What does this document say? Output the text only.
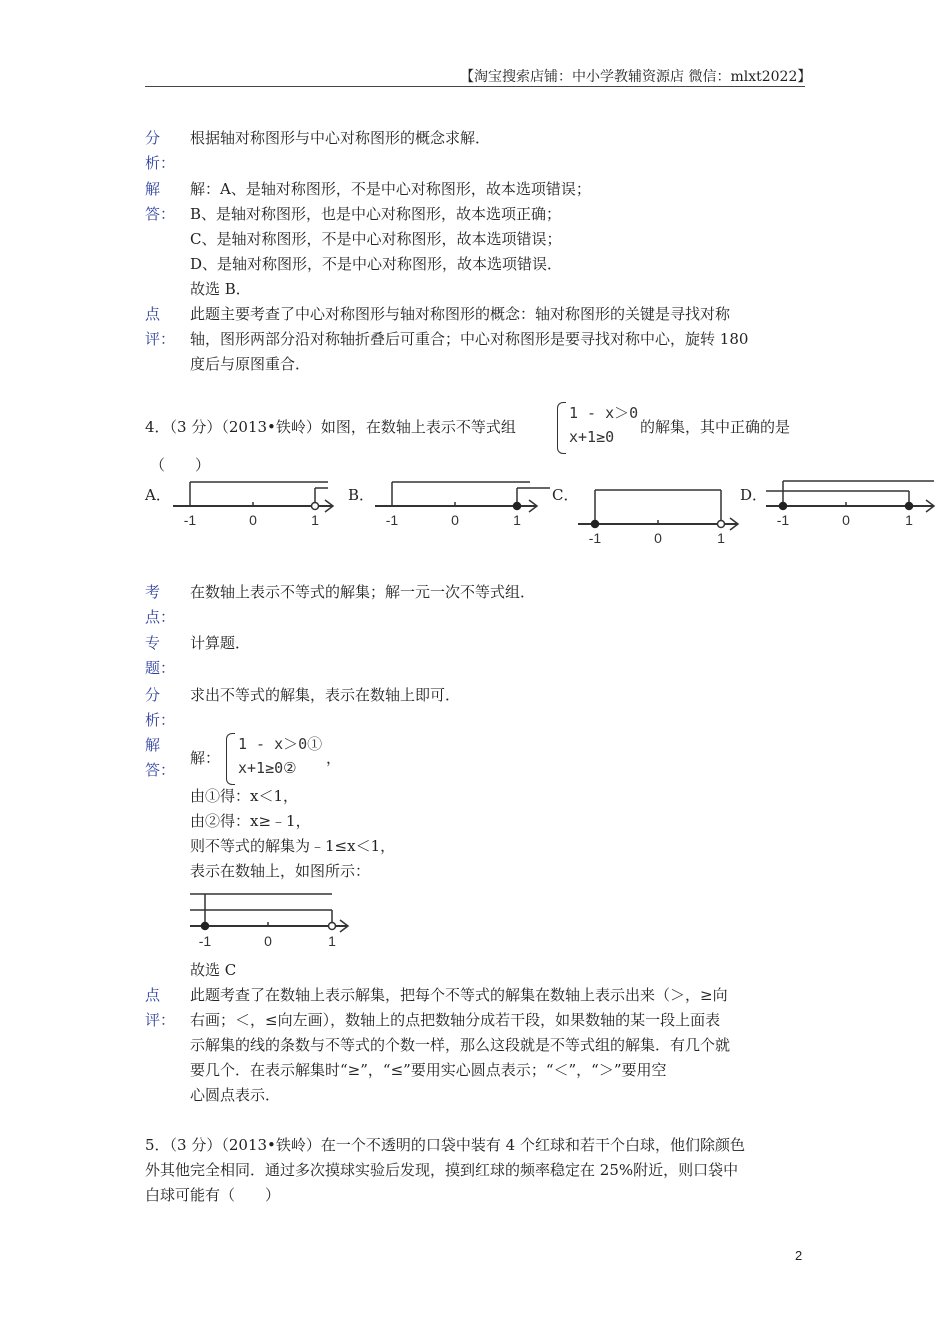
【淘宝搜索店铺：中小学教辅资源店 微信：mlxt2022】
分
析：
根据轴对称图形与中心对称图形的概念求解．
解
答：
解：A、是轴对称图形，不是中心对称图形，故本选项错误；
B、是轴对称图形，也是中心对称图形，故本选项正确；
C、是轴对称图形，不是中心对称图形，故本选项错误；
D、是轴对称图形，不是中心对称图形，故本选项错误．
故选 B．
点
评：
此题主要考查了中心对称图形与轴对称图形的概念：轴对称图形的关键是寻找对称
轴，图形两部分沿对称轴折叠后可重合；中心对称图形是要寻找对称中心，旋转 180
度后与原图重合．
4．（3 分）（2013•铁岭）如图，在数轴上表示不等式组
1 - x＞0
x+1≥0
的解集，其中正确的是
（　　）
A．
-1	0	1
B．
-1	0	1
C．
-1	0	1
D．
-1	0	1
考
点：
在数轴上表示不等式的解集；解一元一次不等式组．
专
题：
计算题．
分
析：
求出不等式的解集，表示在数轴上即可．
解
答：
解：
1 - x＞0①
x+1≥0②
，
由①得：x＜1，
由②得：x≥﹣1，
则不等式的解集为﹣1≤x＜1，
表示在数轴上，如图所示：
-1	0	1
故选 C
点
评：
此题考查了在数轴上表示解集，把每个不等式的解集在数轴上表示出来（＞，≥向
右画；＜，≤向左画），数轴上的点把数轴分成若干段，如果数轴的某一段上面表
示解集的线的条数与不等式的个数一样，那么这段就是不等式组的解集．有几个就
要几个．在表示解集时“≥”，“≤”要用实心圆点表示；“＜”，“＞”要用空
心圆点表示．
5．（3 分）（2013•铁岭）在一个不透明的口袋中装有 4 个红球和若干个白球，他们除颜色
外其他完全相同．通过多次摸球实验后发现，摸到红球的频率稳定在 25%附近，则口袋中
白球可能有（　　）
2
